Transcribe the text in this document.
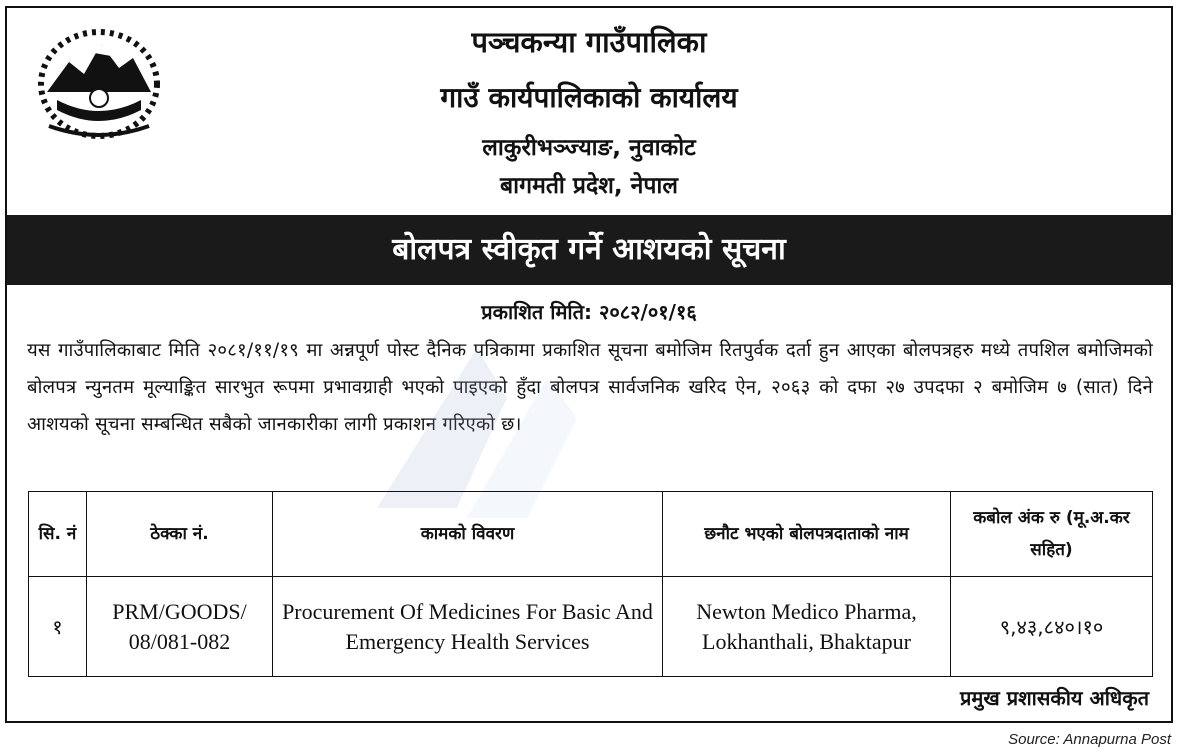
पञ्चकन्या गाउँपालिका
गाउँ कार्यपालिकाको कार्यालय
लाकुरीभञ्ज्याङ, नुवाकोट
बागमती प्रदेश, नेपाल
बोलपत्र स्वीकृत गर्ने आशयको सूचना
प्रकाशित मिति: २०८२/०१/१६
यस गाउँपालिकाबाट मिति २०८१/११/१९ मा अन्नपूर्ण पोस्ट दैनिक पत्रिकामा प्रकाशित सूचना बमोजिम रितपुर्वक दर्ता हुन आएका बोलपत्रहरु मध्ये तपशिल बमोजिमको बोलपत्र न्युनतम मूल्याङ्कित सारभुत रूपमा प्रभावग्राही भएको पाइएको हुँदा बोलपत्र सार्वजनिक खरिद ऐन, २०६३ को दफा २७ उपदफा २ बमोजिम ७ (सात) दिने आशयको सूचना सम्बन्धित सबैको जानकारीका लागी प्रकाशन गरिएको छ।
सि. नं	ठेक्का नं.	कामको विवरण	छनौट भएको बोलपत्रदाताको नाम	कबोल अंक रु (मू.अ.कर सहित)
१	PRM/GOODS/ 08/081-082	Procurement Of Medicines For Basic And Emergency Health Services	Newton Medico Pharma, Lokhanthali, Bhaktapur	९,४३,८४०।१०
प्रमुख प्रशासकीय अधिकृत
Source: Annapurna Post
